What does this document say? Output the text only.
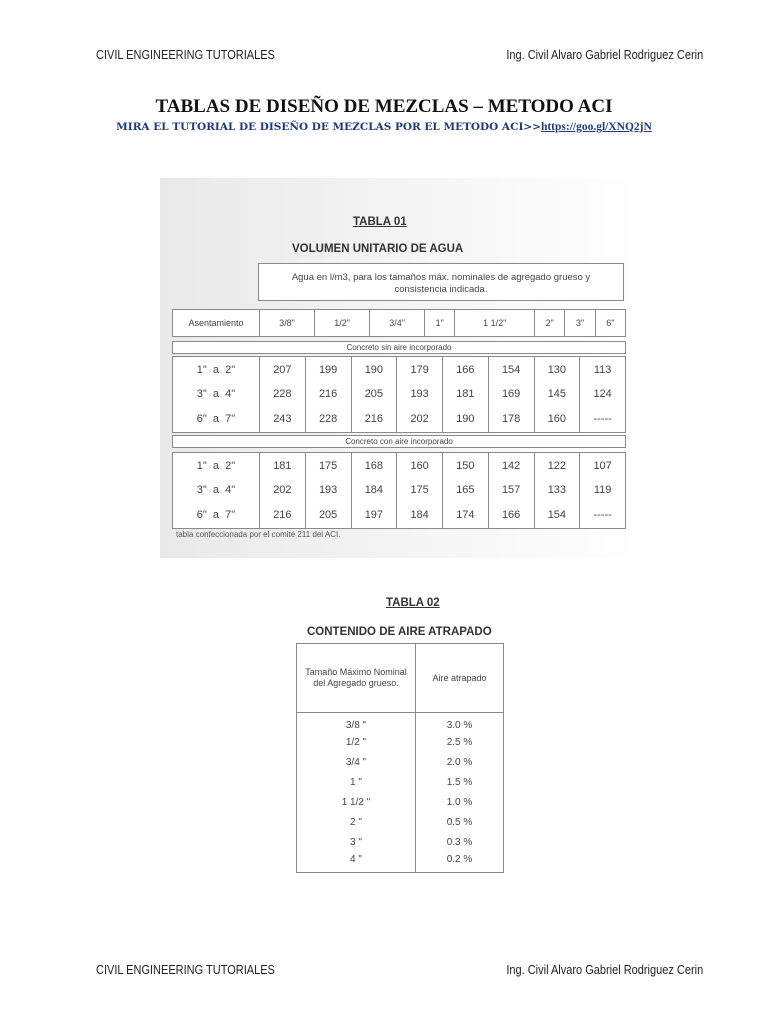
CIVIL ENGINEERING TUTORIALES	Ing. Civil Alvaro Gabriel Rodriguez Cerin
TABLAS DE DISEÑO DE MEZCLAS – METODO ACI
MIRA EL TUTORIAL DE DISEÑO DE MEZCLAS POR EL METODO ACI>>https://goo.gl/XNQ2jN
TABLA 01
VOLUMEN UNITARIO DE AGUA
Agua en l/m3, para los tamaños máx. nominales de agregado grueso y consistencia indicada.
Asentamiento	3/8"	1/2"	3/4"	1"	1 1/2"	2"	3"	6"
Concreto sin aire incorporado
1"  a  2"	207	199	190	179	166	154	130	113
3"  a  4"	228	216	205	193	181	169	145	124
6"  a  7"	243	228	216	202	190	178	160	-----
Concreto con aire incorporado
1"  a  2"	181	175	168	160	150	142	122	107
3"  a  4"	202	193	184	175	165	157	133	119
6"  a  7"	216	205	197	184	174	166	154	-----
tabla confeccionada por el comité 211 del ACI.
TABLA 02
CONTENIDO DE AIRE ATRAPADO
Tamaño Máximo Nominal del Agregado grueso.	Aire atrapado
3/8 "	3.0 %
1/2 "	2.5 %
3/4 "	2.0 %
1 "	1.5 %
1 1/2 "	1.0 %
2 "	0.5 %
3 "	0.3 %
4 "	0.2 %
CIVIL ENGINEERING TUTORIALES	Ing. Civil Alvaro Gabriel Rodriguez Cerin
